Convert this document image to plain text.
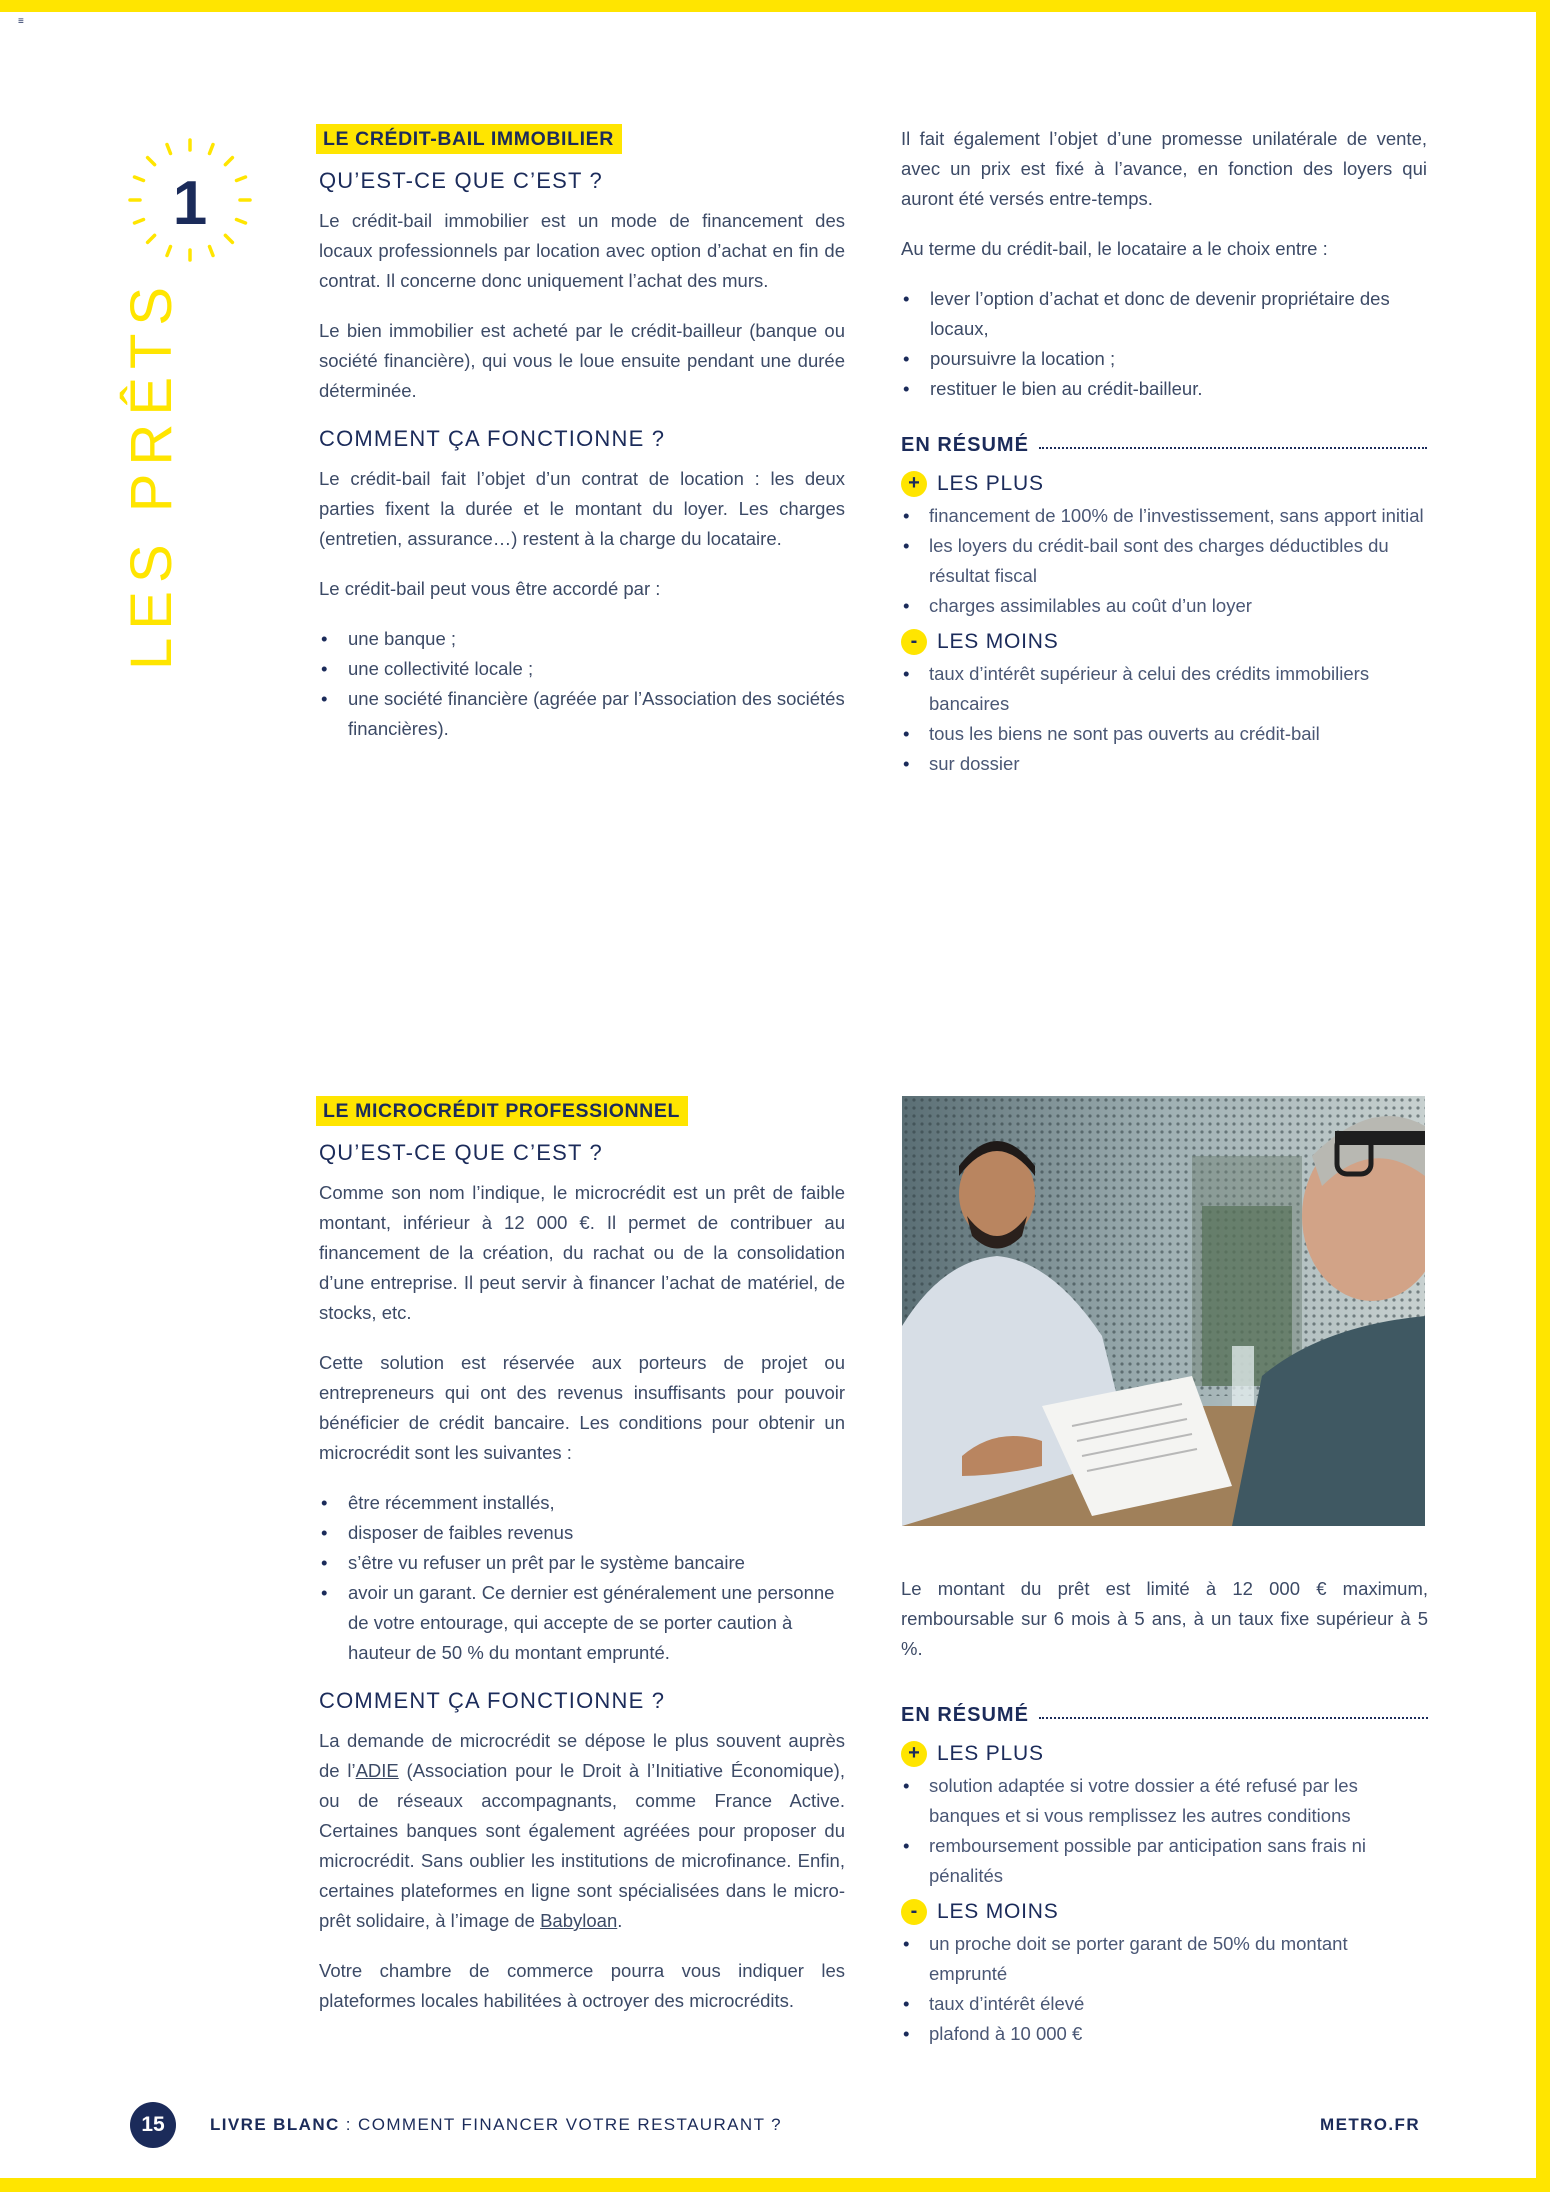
≡
1
LES PRÊTS
LE CRÉDIT-BAIL IMMOBILIER
QU’EST-CE QUE C’EST ?

Le crédit-bail immobilier est un mode de financement des locaux professionnels par location avec option d’achat en fin de contrat. Il concerne donc uniquement l’achat des murs.

Le bien immobilier est acheté par le crédit-bailleur (banque ou société financière), qui vous le loue ensuite pendant une durée déterminée.

COMMENT ÇA FONCTIONNE ?

Le crédit-bail fait l’objet d’un contrat de location : les deux parties fixent la durée et le montant du loyer. Les charges (entretien, assurance…) restent à la charge du locataire.

Le crédit-bail peut vous être accordé par :

• une banque ;
• une collectivité locale ;
• une société financière (agréée par l’Association des sociétés financières).

Il fait également l’objet d’une promesse unilatérale de vente, avec un prix est fixé à l’avance, en fonction des loyers qui auront été versés entre-temps.

Au terme du crédit-bail, le locataire a le choix entre :

• lever l’option d’achat et donc de devenir propriétaire des locaux,
• poursuivre la location ;
• restituer le bien au crédit-bailleur.
EN RÉSUMÉ
+ LES PLUS
• financement de 100% de l’investissement, sans apport initial
• les loyers du crédit-bail sont des charges déductibles du résultat fiscal
• charges assimilables au coût d’un loyer
- LES MOINS
• taux d’intérêt supérieur à celui des crédits immobiliers bancaires
• tous les biens ne sont pas ouverts au crédit-bail
• sur dossier
LE MICROCRÉDIT PROFESSIONNEL
QU’EST-CE QUE C’EST ?

Comme son nom l’indique, le microcrédit est un prêt de faible montant, inférieur à 12 000 €. Il permet de contribuer au financement de la création, du rachat ou de la consolidation d’une entreprise. Il peut servir à financer l’achat de matériel, de stocks, etc.

Cette solution est réservée aux porteurs de projet ou entrepreneurs qui ont des revenus insuffisants pour pouvoir bénéficier de crédit bancaire. Les conditions pour obtenir un microcrédit sont les suivantes :

• être récemment installés,
• disposer de faibles revenus
• s’être vu refuser un prêt par le système bancaire
• avoir un garant. Ce dernier est généralement une personne de votre entourage, qui accepte de se porter caution à hauteur de 50 % du montant emprunté.
COMMENT ÇA FONCTIONNE ?

La demande de microcrédit se dépose le plus souvent auprès de l’ADIE (Association pour le Droit à l’Initiative Économique), ou de réseaux accompagnants, comme France Active. Certaines banques sont également agréées pour proposer du microcrédit. Sans oublier les institutions de microfinance. Enfin, certaines plateformes en ligne sont spécialisées dans le micro-prêt solidaire, à l’image de Babyloan.

Votre chambre de commerce pourra vous indiquer les plateformes locales habilitées à octroyer des microcrédits.

Le montant du prêt est limité à 12 000 € maximum, remboursable sur 6 mois à 5 ans, à un taux fixe supérieur à 5 %.

EN RÉSUMÉ
+ LES PLUS
• solution adaptée si votre dossier a été refusé par les banques et si vous remplissez les autres conditions
• remboursement possible par anticipation sans frais ni pénalités
- LES MOINS
• un proche doit se porter garant de 50% du montant emprunté
• taux d’intérêt élevé
• plafond à 10 000 €
15	LIVRE BLANC : COMMENT FINANCER VOTRE RESTAURANT ?	METRO.FR
